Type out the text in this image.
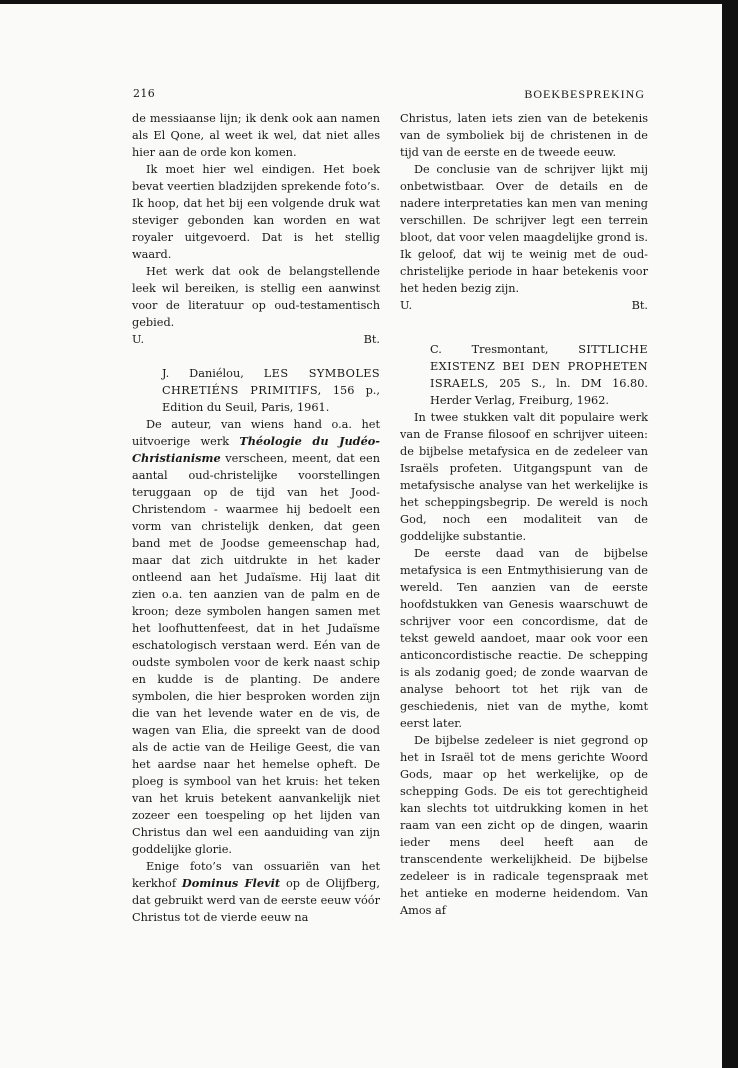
216	BOEKBESPREKING

de messiaanse lijn; ik denk ook aan namen als El Qone, al weet ik wel, dat niet alles hier aan de orde kon komen.

Ik moet hier wel eindigen. Het boek bevat veertien bladzijden sprekende foto’s. Ik hoop, dat het bij een volgende druk wat steviger gebonden kan worden en wat royaler uitgevoerd. Dat is het stellig waard.

Het werk dat ook de belangstellende leek wil bereiken, is stellig een aanwinst voor de literatuur op oud-testamentisch gebied.

U.	Bt.
J. Daniélou, LES SYMBOLES CHRETIÉNS PRIMITIFS, 156 p., Edition du Seuil, Paris, 1961.

De auteur, van wiens hand o.a. het uitvoerige werk Théologie du Judéo-Christianisme verscheen, meent, dat een aantal oud-christelijke voorstellingen teruggaan op de tijd van het Jood-Christendom - waarmee hij bedoelt een vorm van christelijk denken, dat geen band met de Joodse gemeenschap had, maar dat zich uitdrukte in het kader ontleend aan het Judaïsme. Hij laat dit zien o.a. ten aanzien van de palm en de kroon; deze symbolen hangen samen met het loofhuttenfeest, dat in het Judaïsme eschatologisch verstaan werd. Eén van de oudste symbolen voor de kerk naast schip en kudde is de planting. De andere symbolen, die hier besproken worden zijn die van het levende water en de vis, de wagen van Elia, die spreekt van de dood als de actie van de Heilige Geest, die van het aardse naar het hemelse opheft. De ploeg is symbool van het kruis: het teken van het kruis betekent aanvankelijk niet zozeer een toespeling op het lijden van Christus dan wel een aanduiding van zijn goddelijke glorie.

Enige foto’s van ossuariën van het kerkhof Dominus Flevit op de Olijfberg, dat gebruikt werd van de eerste eeuw vóór Christus tot de vierde eeuw na

Christus, laten iets zien van de betekenis van de symboliek bij de christenen in de tijd van de eerste en de tweede eeuw.

De conclusie van de schrijver lijkt mij onbetwistbaar. Over de details en de nadere interpretaties kan men van mening verschillen. De schrijver legt een terrein bloot, dat voor velen maagdelijke grond is. Ik geloof, dat wij te weinig met de oud-christelijke periode in haar betekenis voor het heden bezig zijn.

U.	Bt.
C. Tresmontant,	SITTLICHE EXISTENZ BEI DEN PROPHETEN ISRAELS, 205 S., ln. DM 16.80. Herder Verlag, Freiburg, 1962.

In twee stukken valt dit populaire werk van de Franse filosoof en schrijver uiteen: de bijbelse metafysica en de zedeleer van Israëls profeten. Uitgangspunt van de metafysische analyse van het werkelijke is het scheppingsbegrip. De wereld is noch God, noch een modaliteit van de goddelijke substantie.

De eerste daad van de bijbelse metafysica is een Entmythisierung van de wereld. Ten aanzien van de eerste hoofdstukken van Genesis waarschuwt de schrijver voor een concordisme, dat de tekst geweld aandoet, maar ook voor een anticoncordistische reactie. De schepping is als zodanig goed; de zonde waarvan de analyse behoort tot het rijk van de geschiedenis, niet van de mythe, komt eerst later.

De bijbelse zedeleer is niet gegrond op het in Israël tot de mens gerichte Woord Gods, maar op het werkelijke, op de schepping Gods. De eis tot gerechtigheid kan slechts tot uitdrukking komen in het raam van een zicht op de dingen, waarin ieder mens deel heeft aan de transcendente werkelijkheid. De bijbelse zedeleer is in radicale tegenspraak met het antieke en moderne heidendom. Van Amos af
